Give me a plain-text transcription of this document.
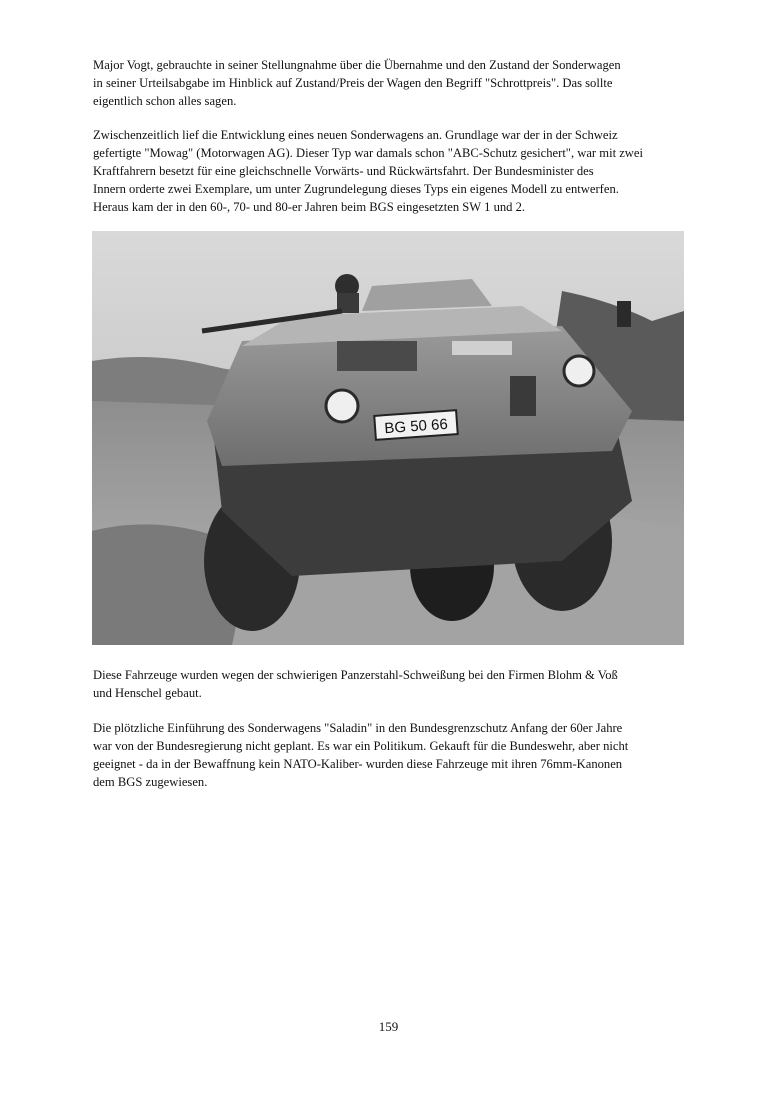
Major Vogt, gebrauchte in seiner Stellungnahme über die Übernahme und den Zustand der Sonderwagen
in seiner Urteilsabgabe im Hinblick auf Zustand/Preis der Wagen den Begriff "Schrottpreis". Das sollte
eigentlich schon alles sagen.

Zwischenzeitlich lief die Entwicklung eines neuen Sonderwagens an. Grundlage war der in der Schweiz
gefertigte "Mowag" (Motorwagen AG). Dieser Typ war damals schon "ABC-Schutz gesichert", war mit zwei
Kraftfahrern besetzt für eine gleichschnelle Vorwärts- und Rückwärtsfahrt. Der Bundesminister des
Innern orderte zwei Exemplare, um unter Zugrundelegung dieses Typs ein eigenes Modell zu entwerfen.
Heraus kam der in den 60-, 70- und 80-er Jahren beim BGS eingesetzten SW 1 und 2.

BG 50 66

Diese Fahrzeuge wurden wegen der schwierigen Panzerstahl-Schweißung bei den Firmen Blohm & Voß
und Henschel gebaut.

Die plötzliche Einführung des Sonderwagens "Saladin" in den Bundesgrenzschutz Anfang der 60er Jahre
war von der Bundesregierung nicht geplant. Es war ein Politikum. Gekauft für die Bundeswehr, aber nicht
geeignet - da in der Bewaffnung kein NATO-Kaliber- wurden diese Fahrzeuge mit ihren 76mm-Kanonen
dem BGS zugewiesen.

159
